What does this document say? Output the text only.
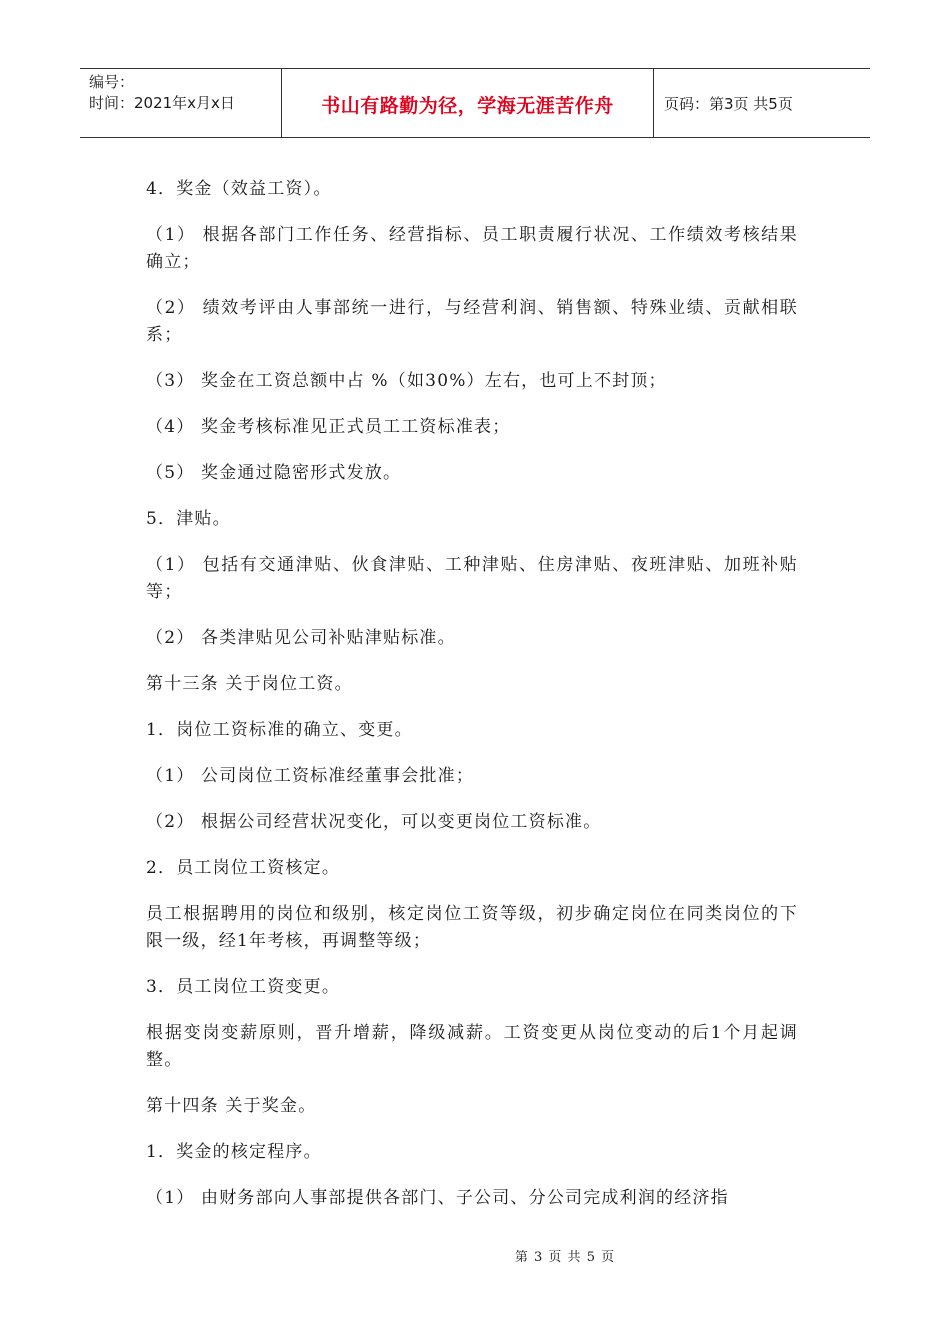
编号：
时间：2021年x月x日	书山有路勤为径，学海无涯苦作舟	页码：第3页 共5页

4．奖金（效益工资）。

（1） 根据各部门工作任务、经营指标、员工职责履行状况、工作绩效考核结果确立；

（2） 绩效考评由人事部统一进行，与经营利润、销售额、特殊业绩、贡献相联系；

（3） 奖金在工资总额中占 %（如30%）左右，也可上不封顶；

（4） 奖金考核标准见正式员工工资标准表；

（5） 奖金通过隐密形式发放。

5．津贴。

（1） 包括有交通津贴、伙食津贴、工种津贴、住房津贴、夜班津贴、加班补贴等；

（2） 各类津贴见公司补贴津贴标准。

第十三条 关于岗位工资。

1．岗位工资标准的确立、变更。

（1） 公司岗位工资标准经董事会批准；

（2） 根据公司经营状况变化，可以变更岗位工资标准。

2．员工岗位工资核定。

员工根据聘用的岗位和级别，核定岗位工资等级，初步确定岗位在同类岗位的下限一级，经1年考核，再调整等级；

3．员工岗位工资变更。

根据变岗变薪原则，晋升增薪，降级减薪。工资变更从岗位变动的后1个月起调整。

第十四条 关于奖金。

1．奖金的核定程序。

（1） 由财务部向人事部提供各部门、子公司、分公司完成利润的经济指

第 3 页 共 5 页
